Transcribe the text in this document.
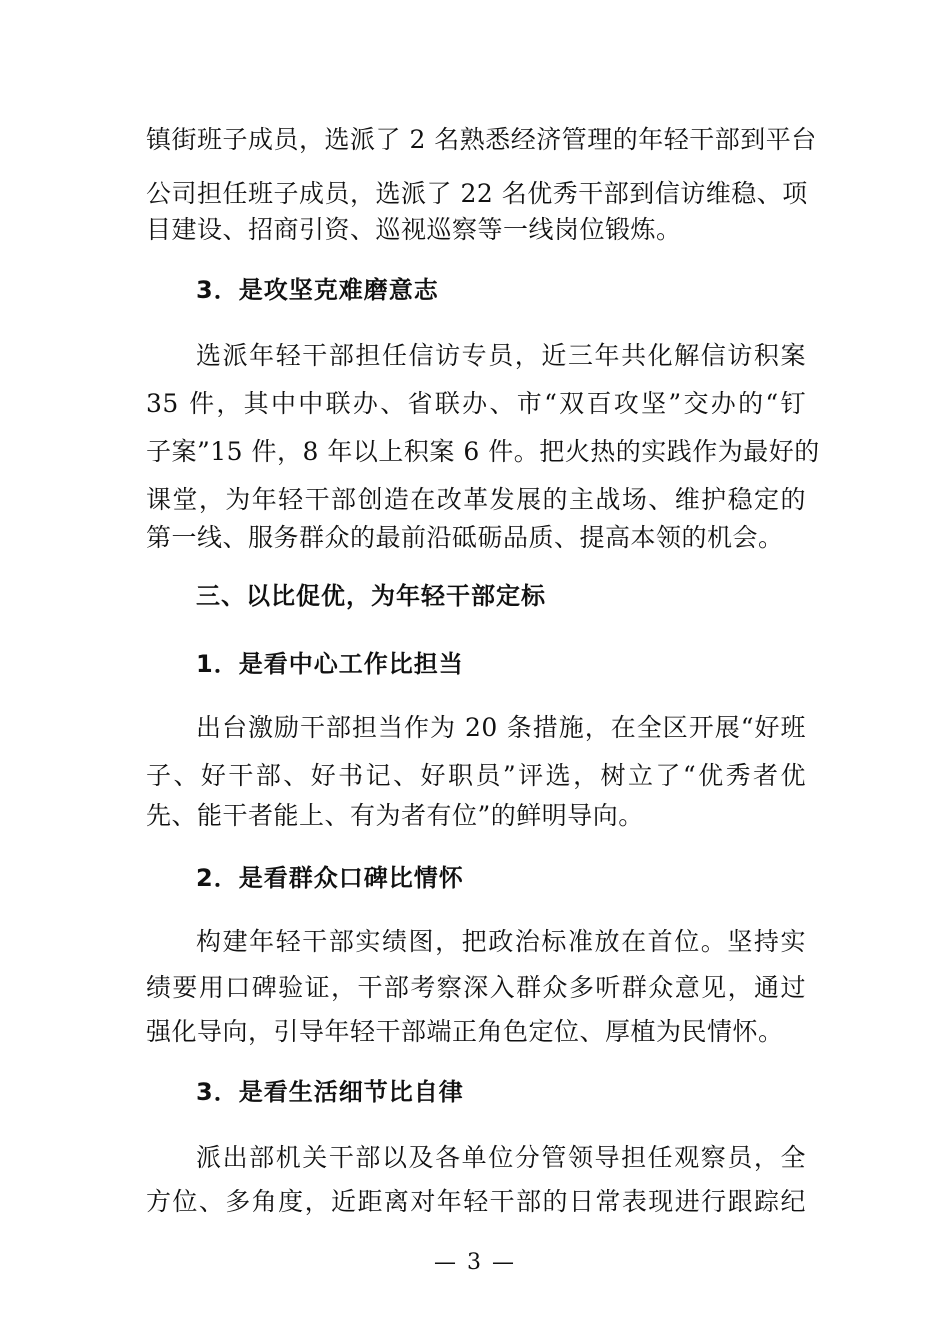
镇街班子成员，选派了 2 名熟悉经济管理的年轻干部到平台
公司担任班子成员，选派了 22 名优秀干部到信访维稳、项
目建设、招商引资、巡视巡察等一线岗位锻炼。
3．是攻坚克难磨意志
选派年轻干部担任信访专员，近三年共化解信访积案
35 件，其中中联办、省联办、市“双百攻坚”交办的“钉
子案”15 件，8 年以上积案 6 件。把火热的实践作为最好的
课堂，为年轻干部创造在改革发展的主战场、维护稳定的
第一线、服务群众的最前沿砥砺品质、提高本领的机会。
三、以比促优，为年轻干部定标
1．是看中心工作比担当
出台激励干部担当作为 20 条措施，在全区开展“好班
子、好干部、好书记、好职员”评选，树立了“优秀者优
先、能干者能上、有为者有位”的鲜明导向。
2．是看群众口碑比情怀
构建年轻干部实绩图，把政治标准放在首位。坚持实
绩要用口碑验证，干部考察深入群众多听群众意见，通过
强化导向，引导年轻干部端正角色定位、厚植为民情怀。
3．是看生活细节比自律
派出部机关干部以及各单位分管领导担任观察员，全
方位、多角度，近距离对年轻干部的日常表现进行跟踪纪
— 3 —
